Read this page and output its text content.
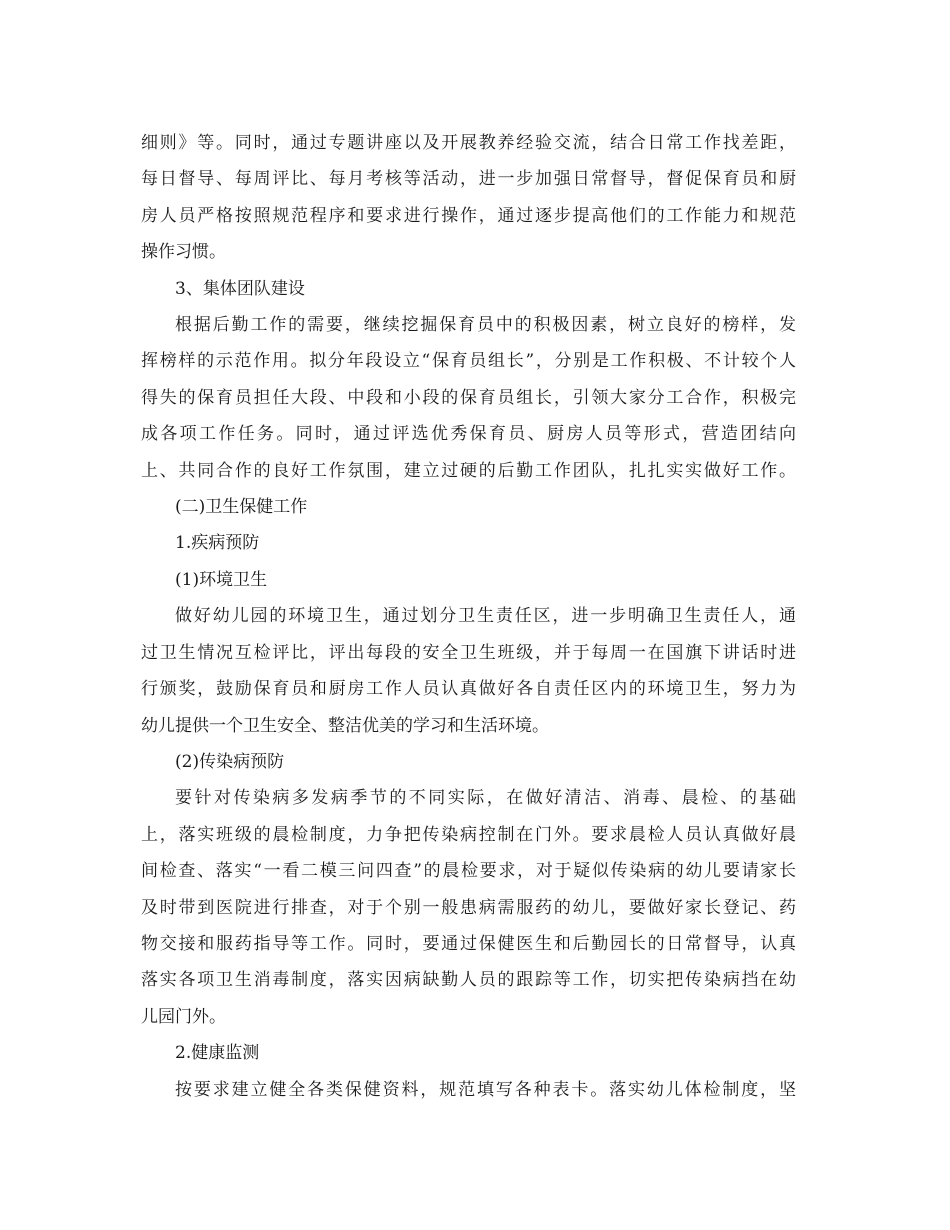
细则》等。同时，通过专题讲座以及开展教养经验交流，结合日常工作找差距，
每日督导、每周评比、每月考核等活动，进一步加强日常督导，督促保育员和厨
房人员严格按照规范程序和要求进行操作，通过逐步提高他们的工作能力和规范
操作习惯。
3、集体团队建设
根据后勤工作的需要，继续挖掘保育员中的积极因素，树立良好的榜样，发
挥榜样的示范作用。拟分年段设立“保育员组长”，分别是工作积极、不计较个人
得失的保育员担任大段、中段和小段的保育员组长，引领大家分工合作，积极完
成各项工作任务。同时，通过评选优秀保育员、厨房人员等形式，营造团结向
上、共同合作的良好工作氛围，建立过硬的后勤工作团队，扎扎实实做好工作。
(二)卫生保健工作
1.疾病预防
(1)环境卫生
做好幼儿园的环境卫生，通过划分卫生责任区，进一步明确卫生责任人，通
过卫生情况互检评比，评出每段的安全卫生班级，并于每周一在国旗下讲话时进
行颁奖，鼓励保育员和厨房工作人员认真做好各自责任区内的环境卫生，努力为
幼儿提供一个卫生安全、整洁优美的学习和生活环境。
(2)传染病预防
要针对传染病多发病季节的不同实际，在做好清洁、消毒、晨检、的基础
上，落实班级的晨检制度，力争把传染病控制在门外。要求晨检人员认真做好晨
间检查、落实“一看二模三问四查”的晨检要求，对于疑似传染病的幼儿要请家长
及时带到医院进行排查，对于个别一般患病需服药的幼儿，要做好家长登记、药
物交接和服药指导等工作。同时，要通过保健医生和后勤园长的日常督导，认真
落实各项卫生消毒制度，落实因病缺勤人员的跟踪等工作，切实把传染病挡在幼
儿园门外。
2.健康监测
按要求建立健全各类保健资料，规范填写各种表卡。落实幼儿体检制度，坚
